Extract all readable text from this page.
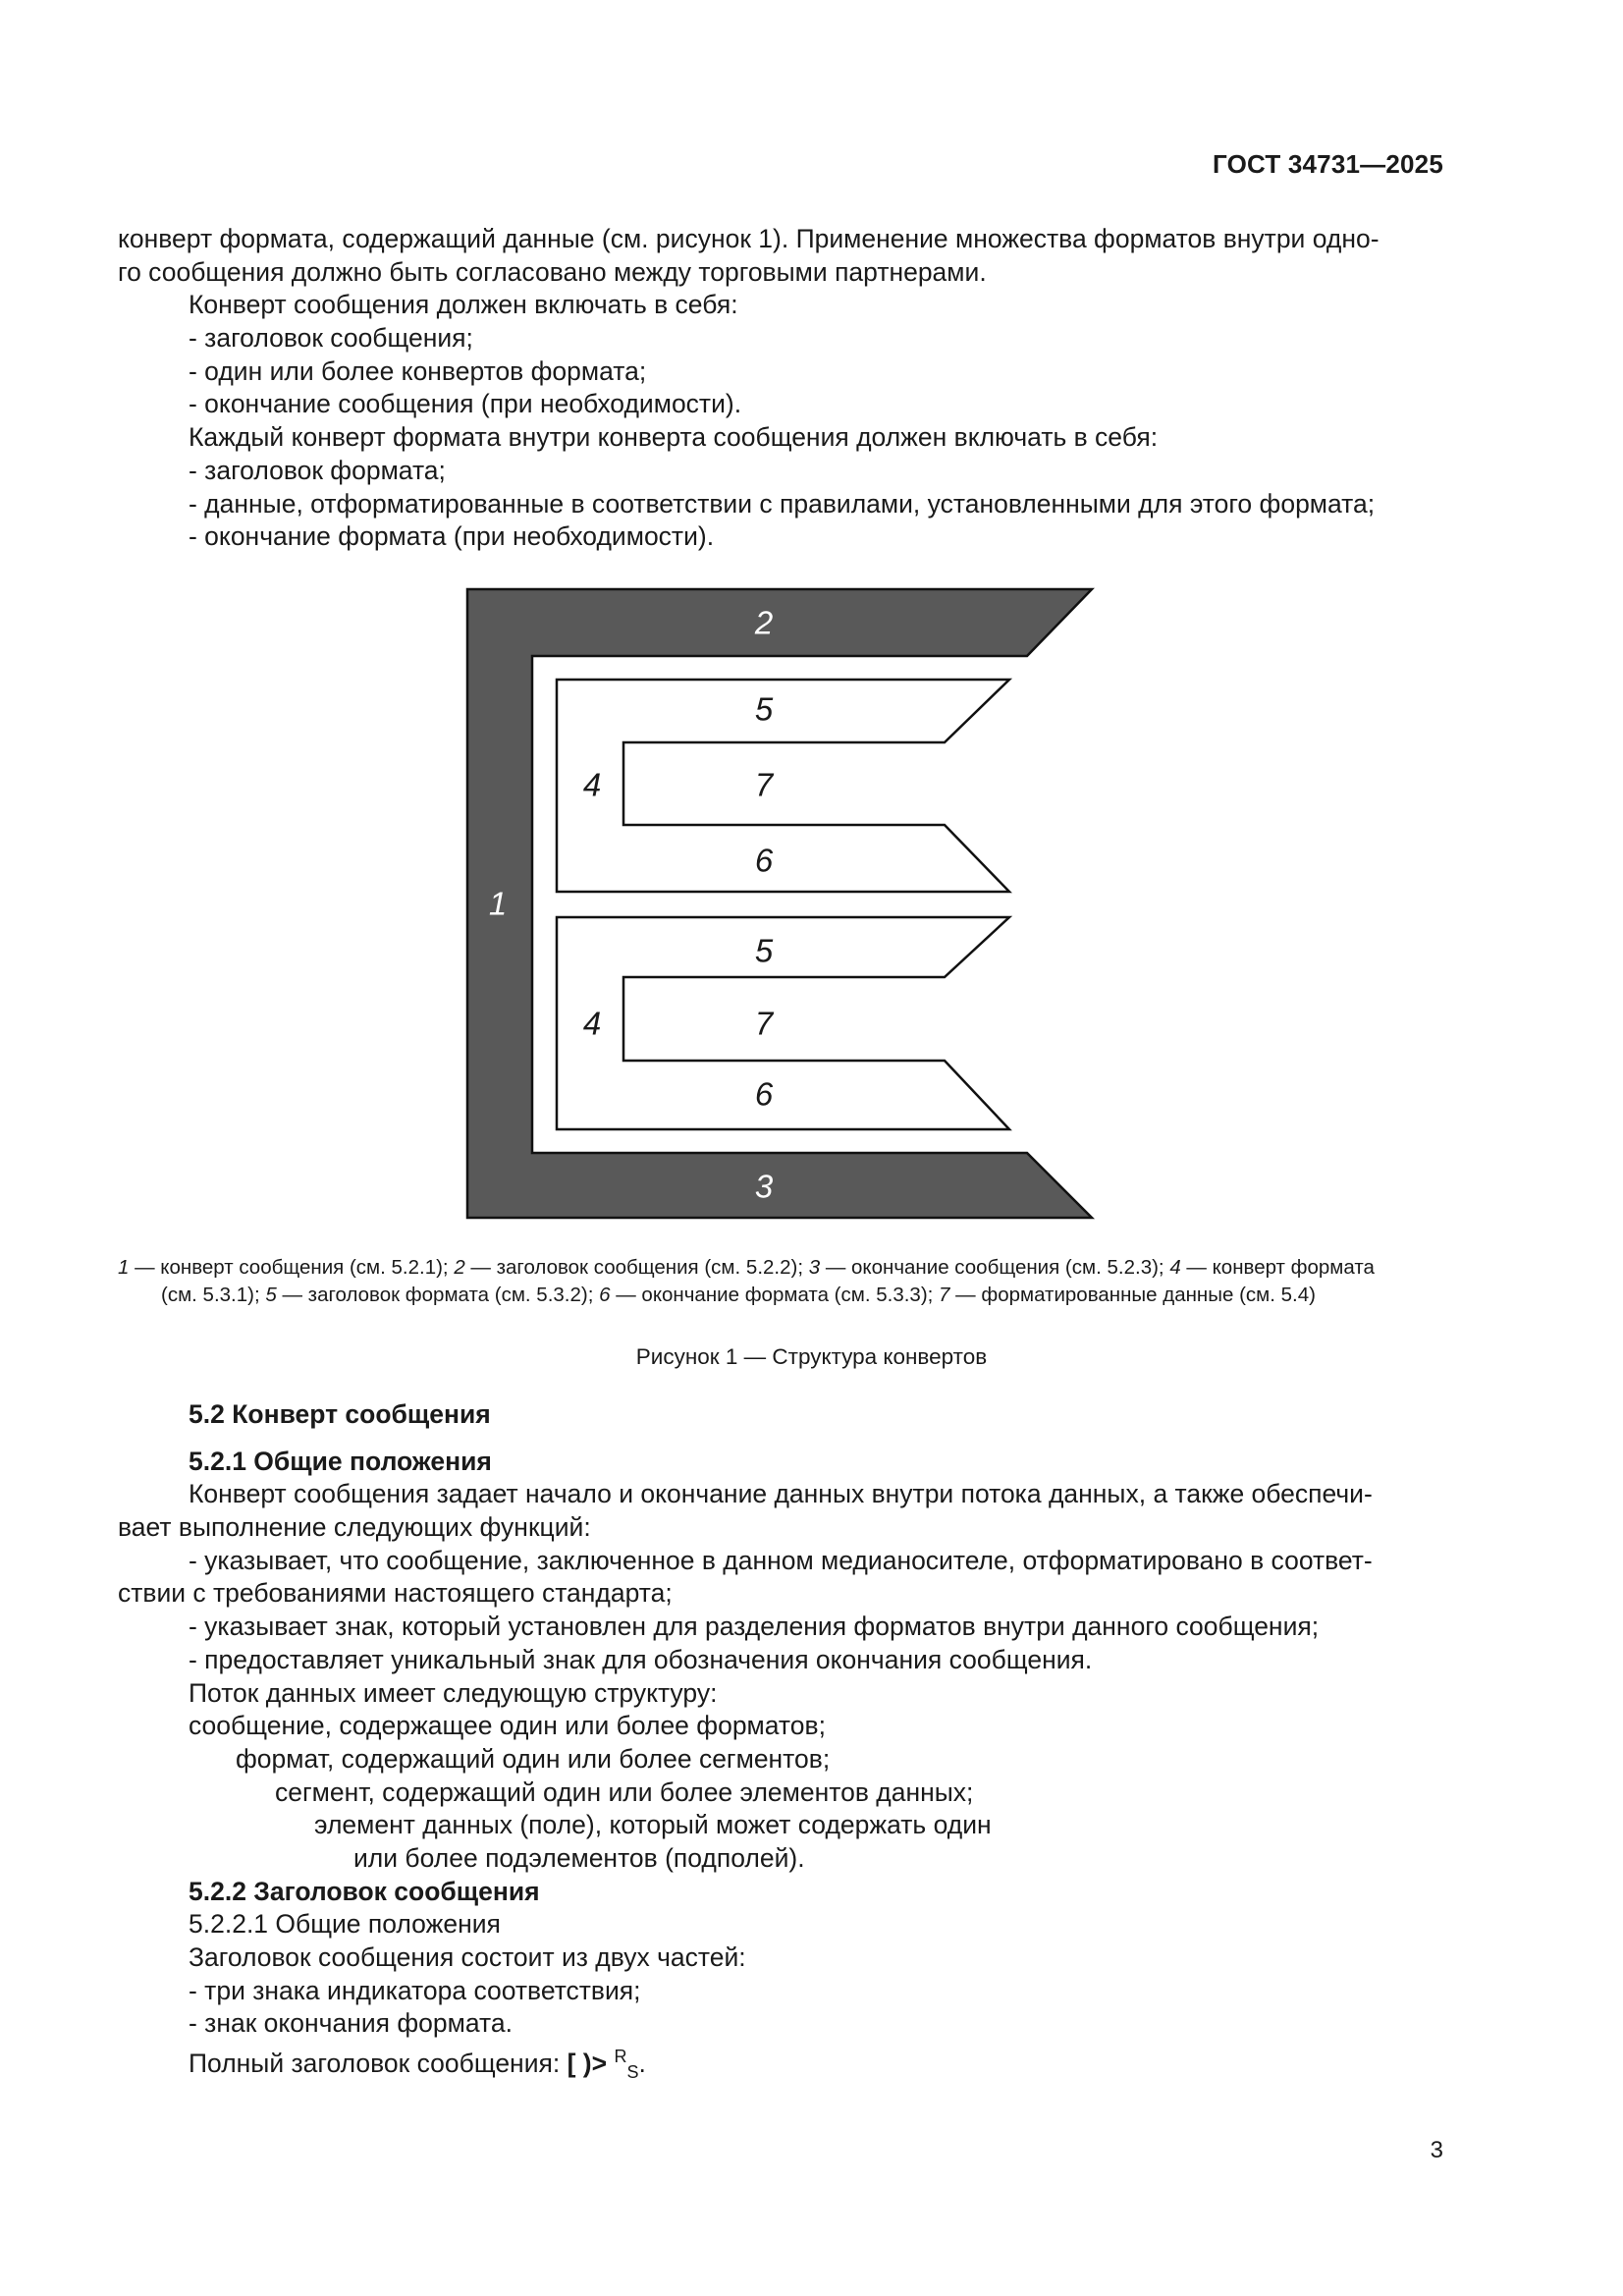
ГОСТ 34731—2025
конверт формата, содержащий данные (см. рисунок 1). Применение множества форматов внутри одно-
го сообщения должно быть согласовано между торговыми партнерами.
Конверт сообщения должен включать в себя:
- заголовок сообщения;
- один или более конвертов формата;
- окончание сообщения (при необходимости).
Каждый конверт формата внутри конверта сообщения должен включать в себя:
- заголовок формата;
- данные, отформатированные в соответствии с правилами, установленными для этого формата;
- окончание формата (при необходимости).
2
1
3
5
4	7
6
5
4	7
6
1 — конверт сообщения (см. 5.2.1); 2 — заголовок сообщения (см. 5.2.2); 3 — окончание сообщения (см. 5.2.3); 4 — конверт формата
(см. 5.3.1); 5 — заголовок формата (см. 5.3.2); 6 — окончание формата (см. 5.3.3); 7 — форматированные данные (см. 5.4)
Рисунок 1 — Структура конвертов
5.2 Конверт сообщения
5.2.1 Общие положения
Конверт сообщения задает начало и окончание данных внутри потока данных, а также обеспечи-
вает выполнение следующих функций:
- указывает, что сообщение, заключенное в данном медианосителе, отформатировано в соответ-
ствии с требованиями настоящего стандарта;
- указывает знак, который установлен для разделения форматов внутри данного сообщения;
- предоставляет уникальный знак для обозначения окончания сообщения.
Поток данных имеет следующую структуру:
сообщение, содержащее один или более форматов;
формат, содержащий один или более сегментов;
сегмент, содержащий один или более элементов данных;
элемент данных (поле), который может содержать один
или более подэлементов (подполей).
5.2.2 Заголовок сообщения
5.2.2.1 Общие положения
Заголовок сообщения состоит из двух частей:
- три знака индикатора соответствия;
- знак окончания формата.
Полный заголовок сообщения: [ )> $^R_S$.
3
